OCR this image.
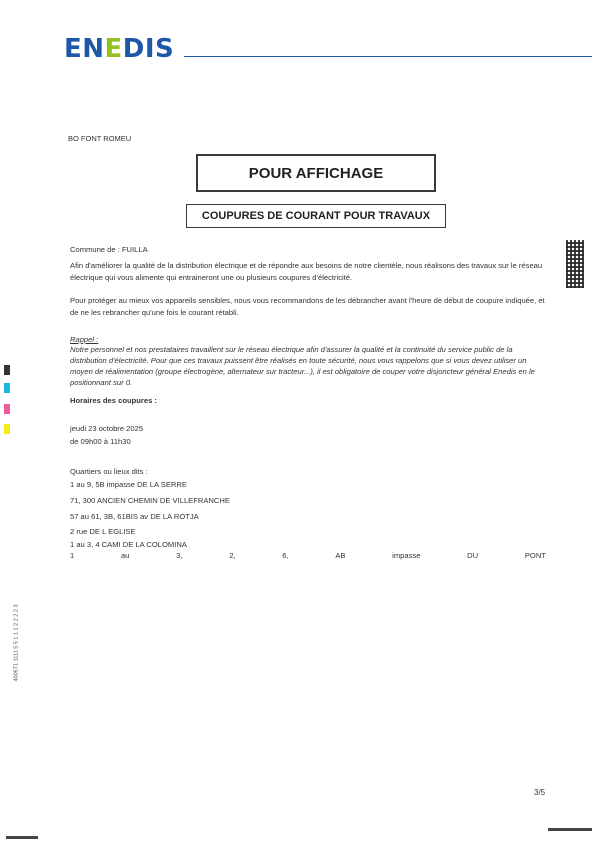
ENEDIS
BO FONT ROMEU
POUR AFFICHAGE
COUPURES DE COURANT POUR TRAVAUX
Commune de : FUILLA
Afin d'améliorer la qualité de la distribution électrique et de répondre aux besoins de notre clientèle, nous réalisons des travaux sur le réseau électrique qui vous alimente qui entraineront une ou plusieurs coupures d'électricité.
Pour protéger au mieux vos appareils sensibles, nous vous recommandons de les débrancher avant l'heure de début de coupure indiquée, et de ne les rebrancher qu'une fois le courant rétabli.
Rappel :
Notre personnel et nos prestataires travaillent sur le réseau électrique afin d'assurer la qualité et la continuité du service public de la distribution d'électricité. Pour que ces travaux puissent être réalisés en toute sécurité, nous vous rappelons que si vous devez utiliser un moyen de réalimentation (groupe électrogène, alternateur sur tracteur...), il est obligatoire de couper votre disjoncteur général Enedis en le positionnant sur 0.
Horaires des coupures :
jeudi 23 octobre 2025
de 09h00 à 11h30
Quartiers ou lieux dits :
1 au 9, 5B impasse DE LA SERRE
71, 300 ANCIEN CHEMIN DE VILLEFRANCHE
57 au 61, 3B, 61BIS av DE LA ROTJA
2 rue DE L EGLISE
1 au 3, 4 CAMI DE LA COLOMINA
1	au	3,	2,	6,	AB	impasse	DU	PONT
4006T1 1111 5 5 1 1 1 2 2 2 2 3
3/5
